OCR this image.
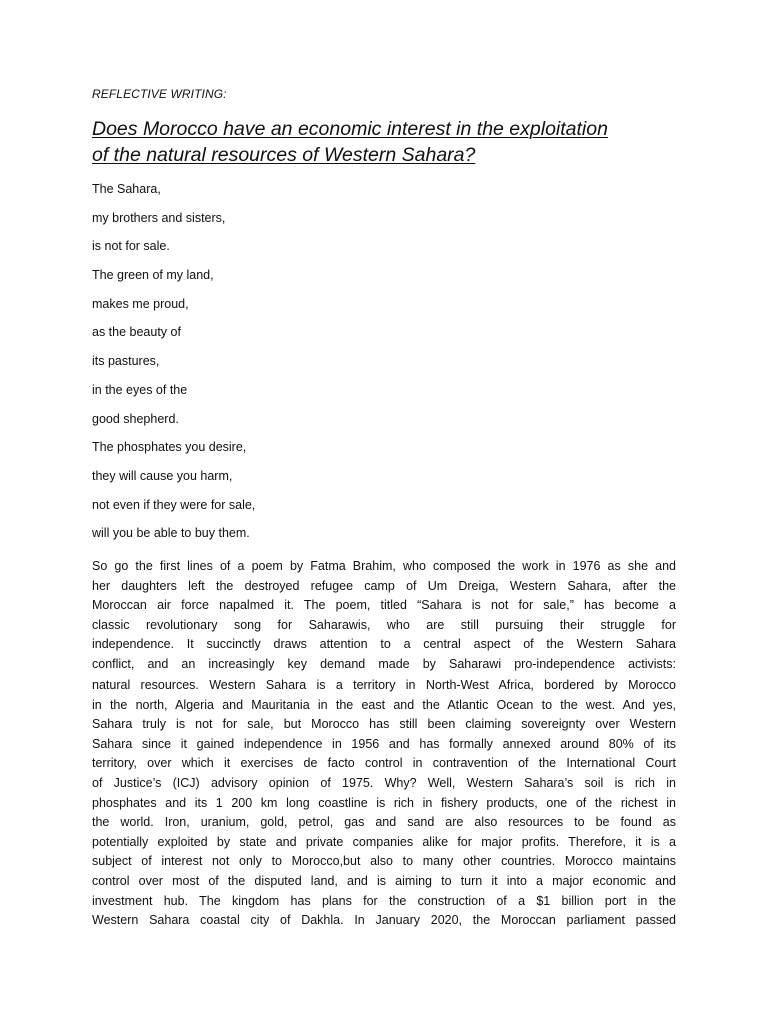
REFLECTIVE WRITING:
Does Morocco have an economic interest in the exploitation
of the natural resources of Western Sahara?
The Sahara,
my brothers and sisters,
is not for sale.
The green of my land,
makes me proud,
as the beauty of
its pastures,
in the eyes of the
good shepherd.
The phosphates you desire,
they will cause you harm,
not even if they were for sale,
will you be able to buy them.
So go the first lines of a poem by Fatma Brahim, who composed the work in 1976 as she and
her daughters left the destroyed refugee camp of Um Dreiga, Western Sahara, after the
Moroccan air force napalmed it. The poem, titled “Sahara is not for sale,” has become a
classic revolutionary song for Saharawis, who are still pursuing their struggle for
independence. It succinctly draws attention to a central aspect of the Western Sahara
conflict, and an increasingly key demand made by Saharawi pro-independence activists:
natural resources. Western Sahara is a territory in North-West Africa, bordered by Morocco
in the north, Algeria and Mauritania in the east and the Atlantic Ocean to the west. And yes,
Sahara truly is not for sale, but Morocco has still been claiming sovereignty over Western
Sahara since it gained independence in 1956 and has formally annexed around 80% of its
territory, over which it exercises de facto control in contravention of the International Court
of Justice’s (ICJ) advisory opinion of 1975. Why? Well, Western Sahara’s soil is rich in
phosphates and its 1 200 km long coastline is rich in fishery products, one of the richest in
the world. Iron, uranium, gold, petrol, gas and sand are also resources to be found as
potentially exploited by state and private companies alike for major profits. Therefore, it is a
subject of interest not only to Morocco,but also to many other countries. Morocco maintains
control over most of the disputed land, and is aiming to turn it into a major economic and
investment hub. The kingdom has plans for the construction of a $1 billion port in the
Western Sahara coastal city of Dakhla. In January 2020, the Moroccan parliament passed
